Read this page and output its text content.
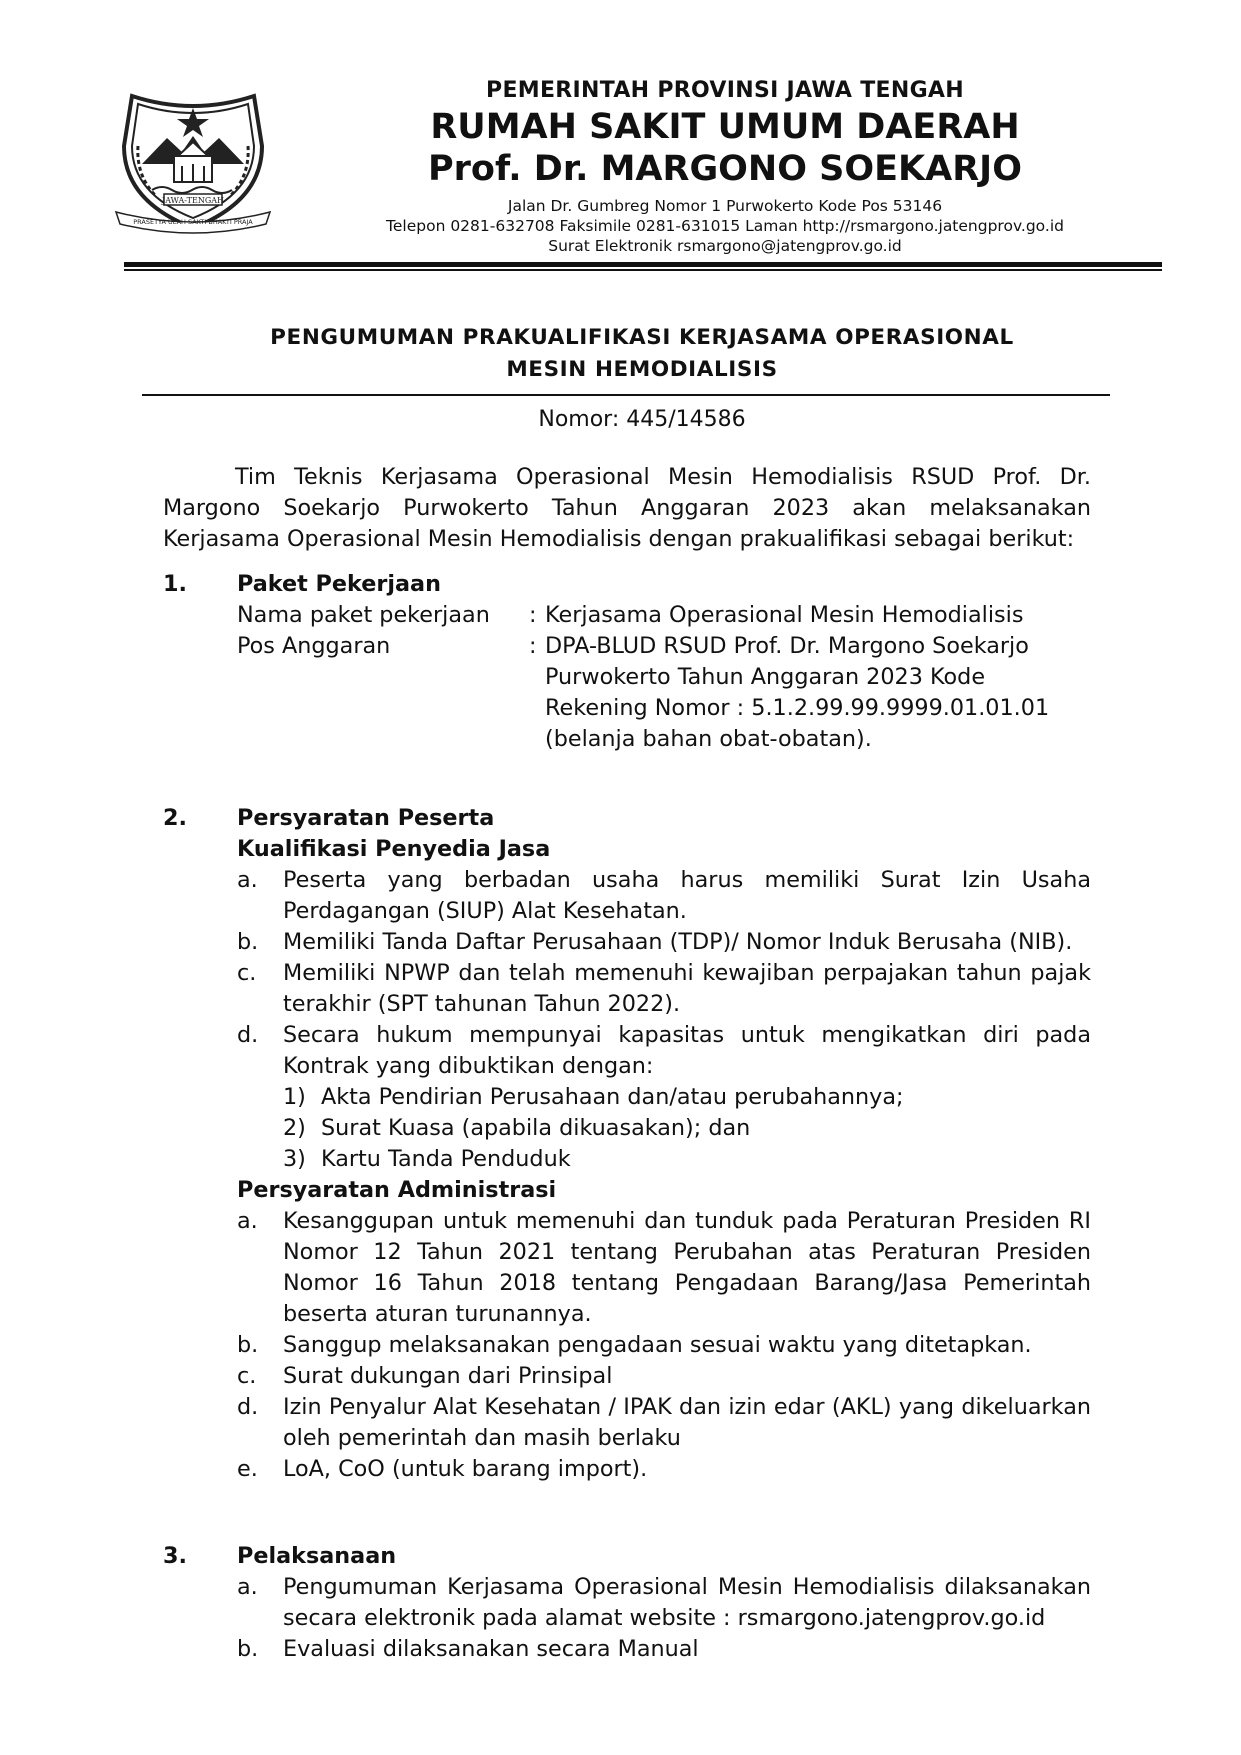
JAWA-TENGAH
PRASETYA ULAH SAKTI BHAKTI PRAJA
PEMERINTAH PROVINSI JAWA TENGAH
RUMAH SAKIT UMUM DAERAH
Prof. Dr. MARGONO SOEKARJO
Jalan Dr. Gumbreg Nomor 1 Purwokerto Kode Pos 53146
Telepon 0281-632708 Faksimile 0281-631015 Laman http://rsmargono.jatengprov.go.id
Surat Elektronik rsmargono@jatengprov.go.id
PENGUMUMAN PRAKUALIFIKASI KERJASAMA OPERASIONAL
MESIN HEMODIALISIS
Nomor: 445/14586

Tim Teknis Kerjasama Operasional Mesin Hemodialisis RSUD Prof. Dr. Margono Soekarjo Purwokerto Tahun Anggaran 2023 akan melaksanakan Kerjasama Operasional Mesin Hemodialisis dengan prakualifikasi sebagai berikut:

1. Paket Pekerjaan
Nama paket pekerjaan	: Kerjasama Operasional Mesin Hemodialisis
Pos Anggaran	: DPA-BLUD RSUD Prof. Dr. Margono Soekarjo Purwokerto Tahun Anggaran 2023 Kode Rekening Nomor : 5.1.2.99.99.9999.01.01.01 (belanja bahan obat-obatan).
2. Persyaratan Peserta
Kualifikasi Penyedia Jasa
a.	Peserta yang berbadan usaha harus memiliki Surat Izin Usaha Perdagangan (SIUP) Alat Kesehatan.
b.	Memiliki Tanda Daftar Perusahaan (TDP)/ Nomor Induk Berusaha (NIB).
c.	Memiliki NPWP dan telah memenuhi kewajiban perpajakan tahun pajak terakhir (SPT tahunan Tahun 2022).
d.	Secara hukum mempunyai kapasitas untuk mengikatkan diri pada Kontrak yang dibuktikan dengan:
1) Akta Pendirian Perusahaan dan/atau perubahannya;
2) Surat Kuasa (apabila dikuasakan); dan
3) Kartu Tanda Penduduk
Persyaratan Administrasi
a.	Kesanggupan untuk memenuhi dan tunduk pada Peraturan Presiden RI Nomor 12 Tahun 2021 tentang Perubahan atas Peraturan Presiden Nomor 16 Tahun 2018 tentang Pengadaan Barang/Jasa Pemerintah beserta aturan turunannya.
b.	Sanggup melaksanakan pengadaan sesuai waktu yang ditetapkan.
c.	Surat dukungan dari Prinsipal
d.	Izin Penyalur Alat Kesehatan / IPAK dan izin edar (AKL) yang dikeluarkan oleh pemerintah dan masih berlaku
e.	LoA, CoO (untuk barang import).
3. Pelaksanaan
a.	Pengumuman Kerjasama Operasional Mesin Hemodialisis dilaksanakan secara elektronik pada alamat website : rsmargono.jatengprov.go.id
b.	Evaluasi dilaksanakan secara Manual
